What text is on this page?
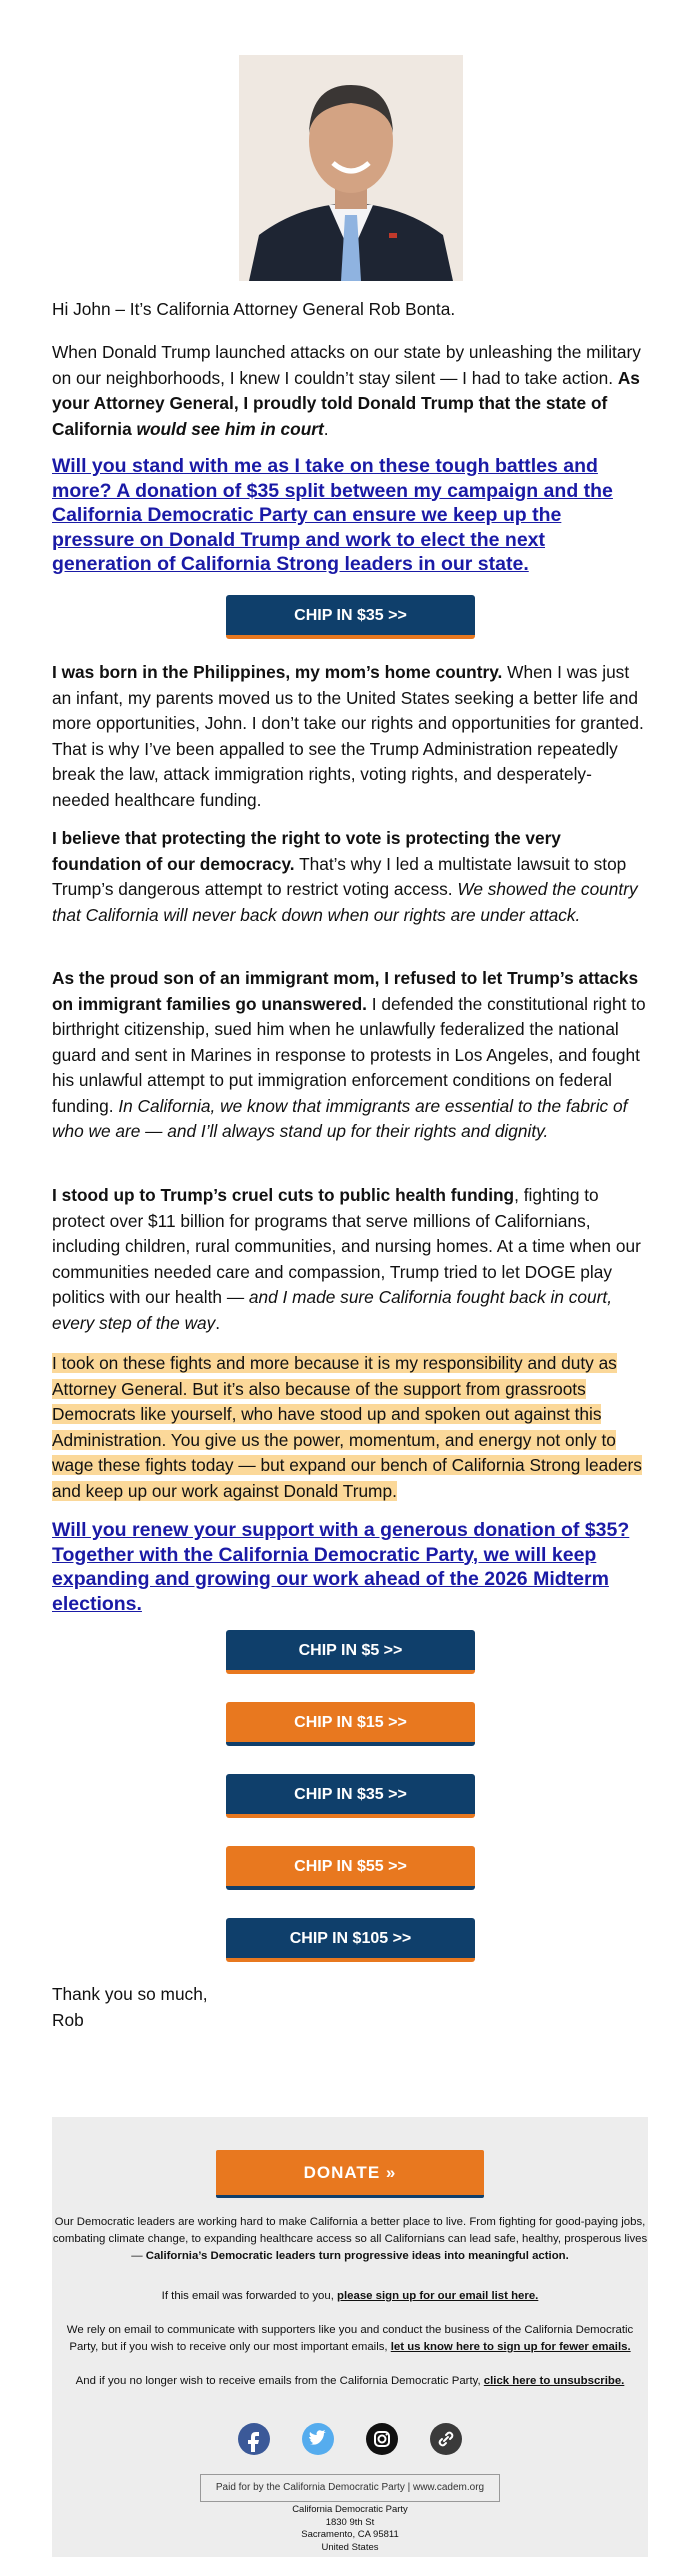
Hi John – It’s California Attorney General Rob Bonta.

When Donald Trump launched attacks on our state by unleashing the military on our neighborhoods, I knew I couldn’t stay silent — I had to take action. As your Attorney General, I proudly told Donald Trump that the state of California would see him in court.

Will you stand with me as I take on these tough battles and more? A donation of $35 split between my campaign and the California Democratic Party can ensure we keep up the pressure on Donald Trump and work to elect the next generation of California Strong leaders in our state.

CHIP IN $35 >>

I was born in the Philippines, my mom’s home country. When I was just an infant, my parents moved us to the United States seeking a better life and more opportunities, John. I don’t take our rights and opportunities for granted. That is why I’ve been appalled to see the Trump Administration repeatedly break the law, attack immigration rights, voting rights, and desperately-needed healthcare funding.

I believe that protecting the right to vote is protecting the very foundation of our democracy. That’s why I led a multistate lawsuit to stop Trump’s dangerous attempt to restrict voting access. We showed the country that California will never back down when our rights are under attack.

As the proud son of an immigrant mom, I refused to let Trump’s attacks on immigrant families go unanswered. I defended the constitutional right to birthright citizenship, sued him when he unlawfully federalized the national guard and sent in Marines in response to protests in Los Angeles, and fought his unlawful attempt to put immigration enforcement conditions on federal funding. In California, we know that immigrants are essential to the fabric of who we are — and I’ll always stand up for their rights and dignity.

I stood up to Trump’s cruel cuts to public health funding, fighting to protect over $11 billion for programs that serve millions of Californians, including children, rural communities, and nursing homes. At a time when our communities needed care and compassion, Trump tried to let DOGE play politics with our health — and I made sure California fought back in court, every step of the way.

I took on these fights and more because it is my responsibility and duty as Attorney General. But it’s also because of the support from grassroots Democrats like yourself, who have stood up and spoken out against this Administration. You give us the power, momentum, and energy not only to wage these fights today — but expand our bench of California Strong leaders and keep up our work against Donald Trump.

Will you renew your support with a generous donation of $35? Together with the California Democratic Party, we will keep expanding and growing our work ahead of the 2026 Midterm elections.

CHIP IN $5 >>
CHIP IN $15 >>
CHIP IN $35 >>
CHIP IN $55 >>
CHIP IN $105 >>

Thank you so much,

Rob

DONATE »
Our Democratic leaders are working hard to make California a better place to live. From fighting for good-paying jobs, combating climate change, to expanding healthcare access so all Californians can lead safe, healthy, prosperous lives — California’s Democratic leaders turn progressive ideas into meaningful action.
If this email was forwarded to you, please sign up for our email list here.
We rely on email to communicate with supporters like you and conduct the business of the California Democratic Party, but if you wish to receive only our most important emails, let us know here to sign up for fewer emails.
And if you no longer wish to receive emails from the California Democratic Party, click here to unsubscribe.
Paid for by the California Democratic Party | www.cadem.org
California Democratic Party
1830 9th St
Sacramento, CA 95811
United States
